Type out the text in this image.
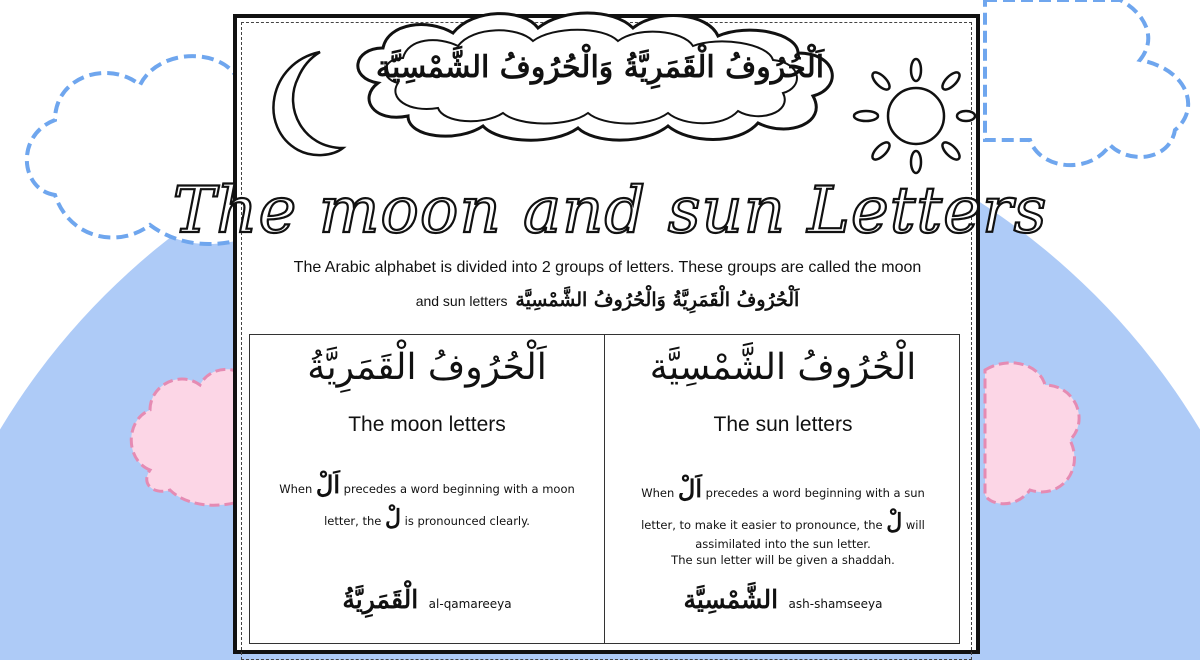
اَلْحُرُوفُ الْقَمَرِيَّةُ وَالْحُرُوفُ الشَّمْسِيَّة
The moon and sun Letters
The Arabic alphabet is divided into 2 groups of letters. These groups are called the moon
and sun letters اَلْحُرُوفُ الْقَمَرِيَّةُ وَالْحُرُوفُ الشَّمْسِيَّة
اَلْحُرُوفُ الْقَمَرِيَّةُ
The moon letters
When اَلْ precedes a word beginning with a moon
letter, the لْ is pronounced clearly.
الْقَمَرِيَّةُ al-qamareeya
الْحُرُوفُ الشَّمْسِيَّة
The sun letters
When اَلْ precedes a word beginning with a sun
letter, to make it easier to pronounce, the لْ will
assimilated into the sun letter.
The sun letter will be given a shaddah.
الشَّمْسِيَّة ash-shamseeya
